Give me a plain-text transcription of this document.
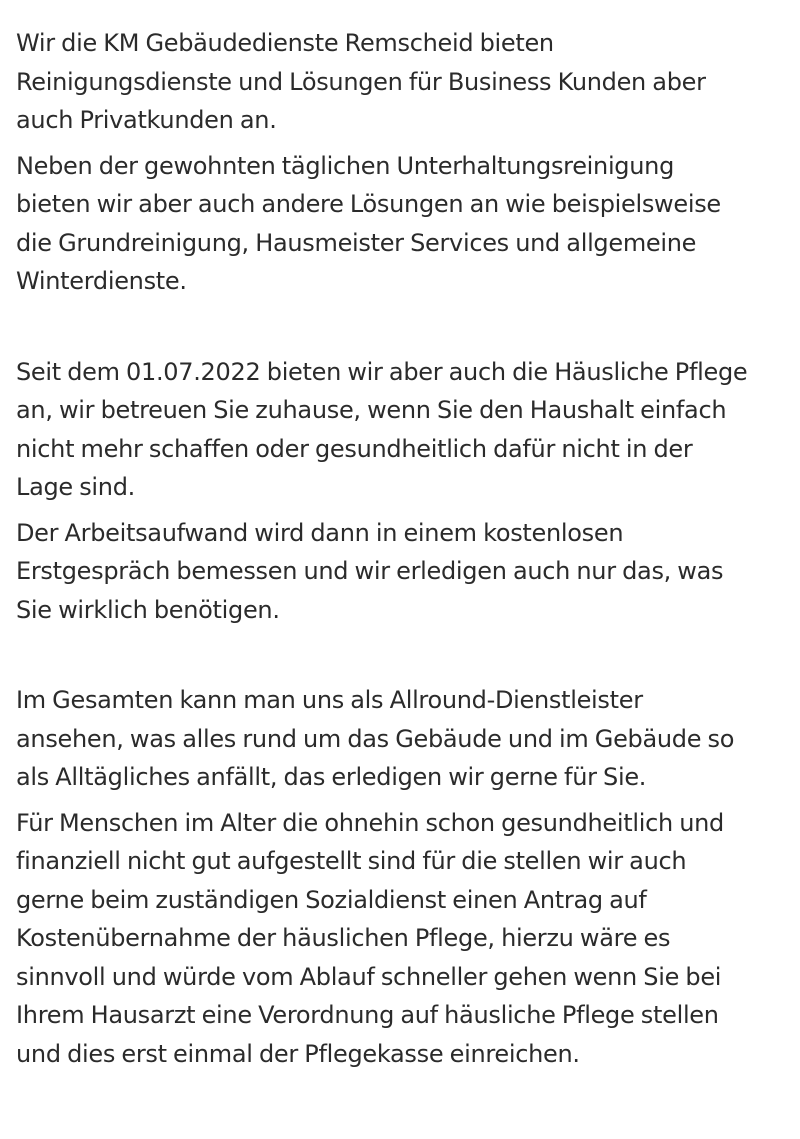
Wir die KM Gebäudedienste Remscheid bieten
Reinigungsdienste und Lösungen für Business Kunden aber
auch Privatkunden an.

Neben der gewohnten täglichen Unterhaltungsreinigung
bieten wir aber auch andere Lösungen an wie beispielsweise
die Grundreinigung, Hausmeister Services und allgemeine
Winterdienste.

Seit dem 01.07.2022 bieten wir aber auch die Häusliche Pflege
an, wir betreuen Sie zuhause, wenn Sie den Haushalt einfach
nicht mehr schaffen oder gesundheitlich dafür nicht in der
Lage sind.

Der Arbeitsaufwand wird dann in einem kostenlosen
Erstgespräch bemessen und wir erledigen auch nur das, was
Sie wirklich benötigen.

Im Gesamten kann man uns als Allround-Dienstleister
ansehen, was alles rund um das Gebäude und im Gebäude so
als Alltägliches anfällt, das erledigen wir gerne für Sie.

Für Menschen im Alter die ohnehin schon gesundheitlich und
finanziell nicht gut aufgestellt sind für die stellen wir auch
gerne beim zuständigen Sozialdienst einen Antrag auf
Kostenübernahme der häuslichen Pflege, hierzu wäre es
sinnvoll und würde vom Ablauf schneller gehen wenn Sie bei
Ihrem Hausarzt eine Verordnung auf häusliche Pflege stellen
und dies erst einmal der Pflegekasse einreichen.
